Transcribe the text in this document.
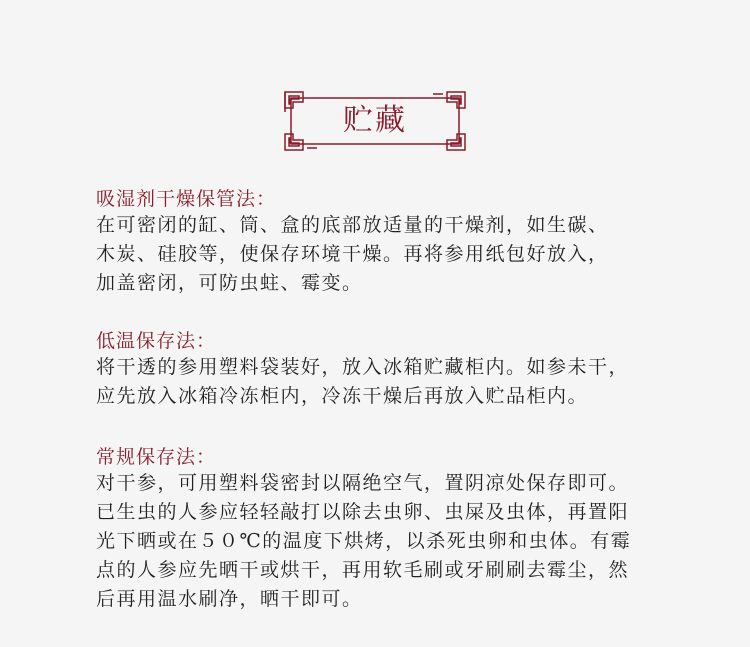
贮藏

吸湿剂干燥保管法：

在可密闭的缸、筒、盒的底部放适量的干燥剂，如生碳、
木炭、硅胶等，使保存环境干燥。再将参用纸包好放入，
加盖密闭，可防虫蛀、霉变。

低温保存法：

将干透的参用塑料袋装好，放入冰箱贮藏柜内。如参未干，
应先放入冰箱冷冻柜内，冷冻干燥后再放入贮品柜内。

常规保存法：

对干参，可用塑料袋密封以隔绝空气，置阴凉处保存即可。
已生虫的人参应轻轻敲打以除去虫卵、虫屎及虫体，再置阳
光下晒或在５０℃的温度下烘烤，以杀死虫卵和虫体。有霉
点的人参应先晒干或烘干，再用软毛刷或牙刷刷去霉尘，然
后再用温水刷净，晒干即可。
